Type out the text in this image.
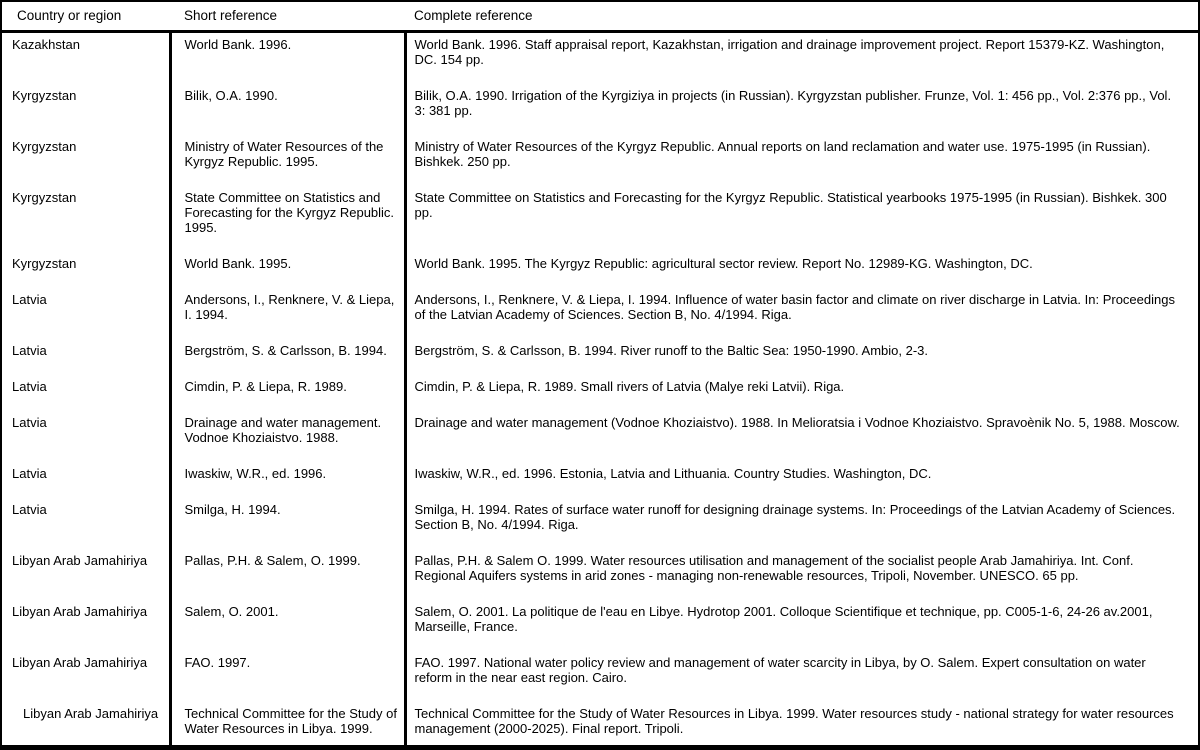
Country or region	Short reference	Complete reference
Kazakhstan	World Bank. 1996.	World Bank. 1996. Staff appraisal report, Kazakhstan, irrigation and drainage improvement project. Report 15379-KZ. Washington, DC. 154 pp.
Kyrgyzstan	Bilik, O.A. 1990.	Bilik, O.A. 1990. Irrigation of the Kyrgiziya in projects (in Russian). Kyrgyzstan publisher. Frunze, Vol. 1: 456 pp., Vol. 2:376 pp., Vol. 3: 381 pp.
Kyrgyzstan	Ministry of Water Resources of the Kyrgyz Republic. 1995.	Ministry of Water Resources of the Kyrgyz Republic. Annual reports on land reclamation and water use. 1975-1995 (in Russian). Bishkek. 250 pp.
Kyrgyzstan	State Committee on Statistics and Forecasting for the Kyrgyz Republic. 1995.	State Committee on Statistics and Forecasting for the Kyrgyz Republic. Statistical yearbooks 1975-1995 (in Russian). Bishkek. 300 pp.
Kyrgyzstan	World Bank. 1995.	World Bank. 1995. The Kyrgyz Republic: agricultural sector review. Report No. 12989-KG. Washington, DC.
Latvia	Andersons, I., Renknere, V. & Liepa, I. 1994.	Andersons, I., Renknere, V. & Liepa, I. 1994. Influence of water basin factor and climate on river discharge in Latvia. In: Proceedings of the Latvian Academy of Sciences. Section B, No. 4/1994. Riga.
Latvia	Bergström, S. & Carlsson, B. 1994.	Bergström, S. & Carlsson, B. 1994. River runoff to the Baltic Sea: 1950-1990. Ambio, 2-3.
Latvia	Cimdin, P. & Liepa, R. 1989.	Cimdin, P. & Liepa, R. 1989. Small rivers of Latvia (Malye reki Latvii). Riga.
Latvia	Drainage and water management. Vodnoe Khoziaistvo. 1988.	Drainage and water management (Vodnoe Khoziaistvo). 1988. In Melioratsia i Vodnoe Khoziaistvo. Spravoènik No. 5, 1988. Moscow.
Latvia	Iwaskiw, W.R., ed. 1996.	Iwaskiw, W.R., ed. 1996. Estonia, Latvia and Lithuania. Country Studies. Washington, DC.
Latvia	Smilga, H. 1994.	Smilga, H. 1994. Rates of surface water runoff for designing drainage systems. In: Proceedings of the Latvian Academy of Sciences. Section B, No. 4/1994. Riga.
Libyan Arab Jamahiriya	Pallas, P.H. & Salem, O. 1999.	Pallas, P.H. & Salem O. 1999. Water resources utilisation and management of the socialist people Arab Jamahiriya. Int. Conf. Regional Aquifers systems in arid zones - managing non-renewable resources, Tripoli, November. UNESCO. 65 pp.
Libyan Arab Jamahiriya	Salem, O. 2001.	Salem, O. 2001. La politique de l'eau en Libye. Hydrotop 2001. Colloque Scientifique et technique, pp. C005-1-6, 24-26 av.2001, Marseille, France.
Libyan Arab Jamahiriya	FAO. 1997.	FAO. 1997. National water policy review and management of water scarcity in Libya, by O. Salem. Expert consultation on water reform in the near east region. Cairo.
Libyan Arab Jamahiriya	Technical Committee for the Study of Water Resources in Libya. 1999.	Technical Committee for the Study of Water Resources in Libya. 1999. Water resources study - national strategy for water resources management (2000-2025). Final report. Tripoli.
